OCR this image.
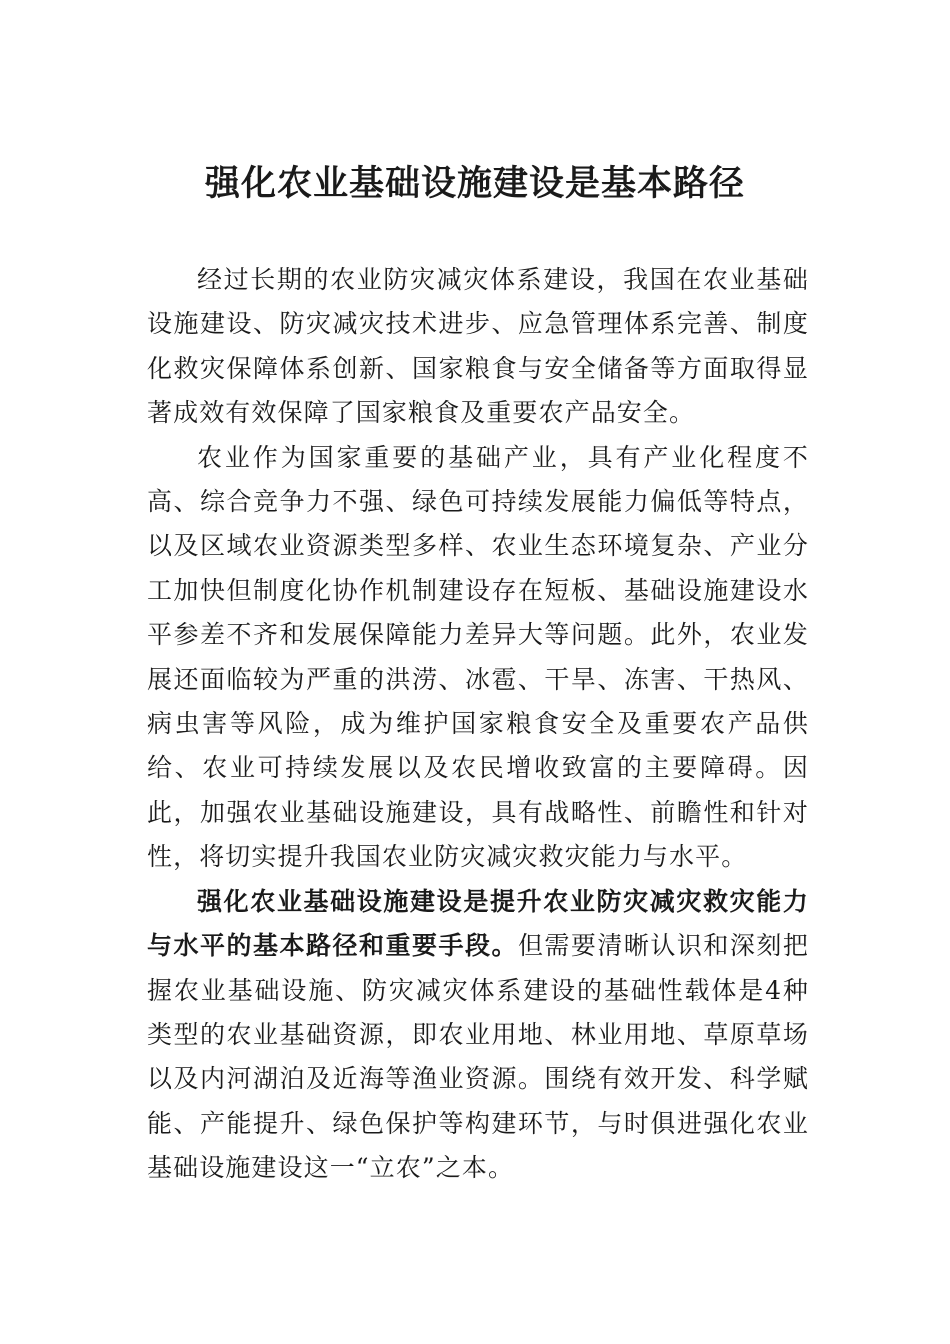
强化农业基础设施建设是基本路径

经过长期的农业防灾减灾体系建设，我国在农业基础设施建设、防灾减灾技术进步、应急管理体系完善、制度化救灾保障体系创新、国家粮食与安全储备等方面取得显著成效有效保障了国家粮食及重要农产品安全。

农业作为国家重要的基础产业，具有产业化程度不高、综合竞争力不强、绿色可持续发展能力偏低等特点，以及区域农业资源类型多样、农业生态环境复杂、产业分工加快但制度化协作机制建设存在短板、基础设施建设水平参差不齐和发展保障能力差异大等问题。此外，农业发展还面临较为严重的洪涝、冰雹、干旱、冻害、干热风、病虫害等风险，成为维护国家粮食安全及重要农产品供给、农业可持续发展以及农民增收致富的主要障碍。因此，加强农业基础设施建设，具有战略性、前瞻性和针对性，将切实提升我国农业防灾减灾救灾能力与水平。

强化农业基础设施建设是提升农业防灾减灾救灾能力与水平的基本路径和重要手段。但需要清晰认识和深刻把握农业基础设施、防灾减灾体系建设的基础性载体是4种类型的农业基础资源，即农业用地、林业用地、草原草场以及内河湖泊及近海等渔业资源。围绕有效开发、科学赋能、产能提升、绿色保护等构建环节，与时俱进强化农业基础设施建设这一“立农”之本。
